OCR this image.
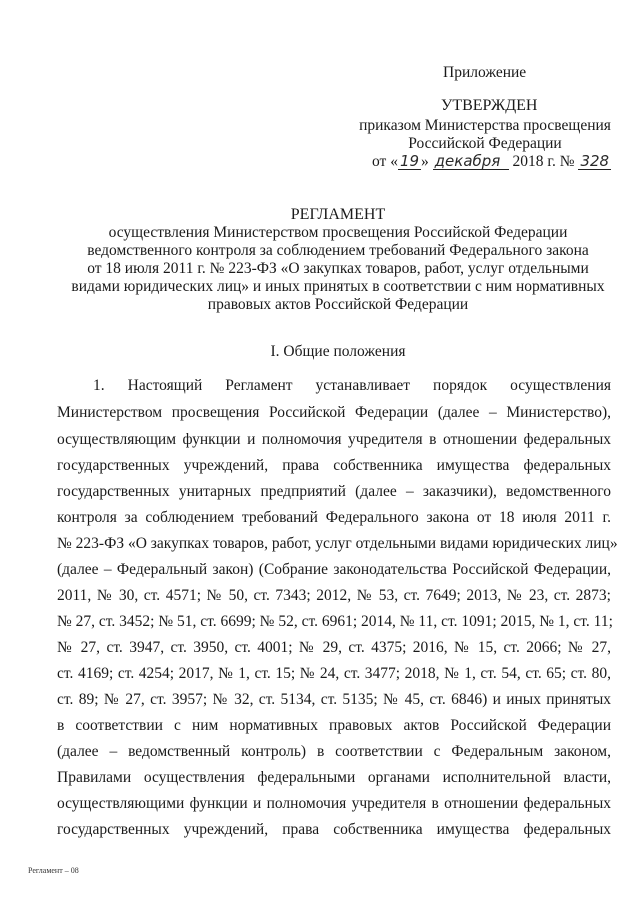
Приложение
УТВЕРЖДЕН
приказом Министерства просвещения
Российской Федерации
от « 19 » декабря 2018 г. № 328
РЕГЛАМЕНТ
осуществления Министерством просвещения Российской Федерации
ведомственного контроля за соблюдением требований Федерального закона
от 18 июля 2011 г. № 223-ФЗ «О закупках товаров, работ, услуг отдельными
видами юридических лиц» и иных принятых в соответствии с ним нормативных
правовых актов Российской Федерации
I. Общие положения
1. Настоящий Регламент устанавливает порядок осуществления
Министерством просвещения Российской Федерации (далее – Министерство),
осуществляющим функции и полномочия учредителя в отношении федеральных
государственных учреждений, права собственника имущества федеральных
государственных унитарных предприятий (далее – заказчики), ведомственного
контроля за соблюдением требований Федерального закона от 18 июля 2011 г.
№ 223-ФЗ «О закупках товаров, работ, услуг отдельными видами юридических лиц»
(далее – Федеральный закон) (Собрание законодательства Российской Федерации,
2011, № 30, ст. 4571; № 50, ст. 7343; 2012, № 53, ст. 7649; 2013, № 23, ст. 2873;
№ 27, ст. 3452; № 51, ст. 6699; № 52, ст. 6961; 2014, № 11, ст. 1091; 2015, № 1, ст. 11;
№ 27, ст. 3947, ст. 3950, ст. 4001; № 29, ст. 4375; 2016, № 15, ст. 2066; № 27,
ст. 4169; ст. 4254; 2017, № 1, ст. 15; № 24, ст. 3477; 2018, № 1, ст. 54, ст. 65; ст. 80,
ст. 89; № 27, ст. 3957; № 32, ст. 5134, ст. 5135; № 45, ст. 6846) и иных принятых
в соответствии с ним нормативных правовых актов Российской Федерации
(далее – ведомственный контроль) в соответствии с Федеральным законом,
Правилами осуществления федеральными органами исполнительной власти,
осуществляющими функции и полномочия учредителя в отношении федеральных
государственных учреждений, права собственника имущества федеральных
Регламент – 08
